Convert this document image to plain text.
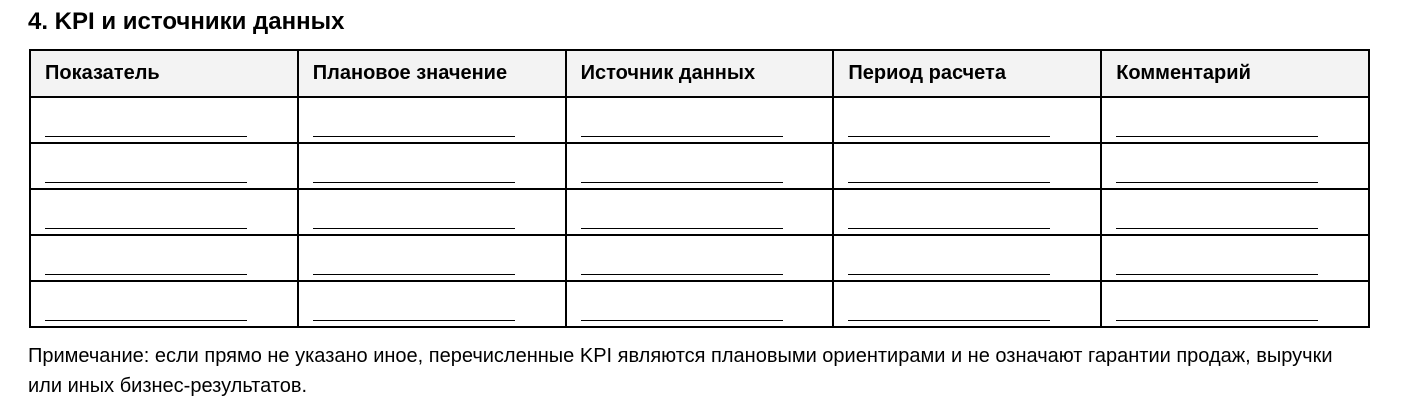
4. KPI и источники данных
Показатель	Плановое значение	Источник данных	Период расчета	Комментарий

Примечание: если прямо не указано иное, перечисленные KPI являются плановыми ориентирами и не означают гарантии продаж, выручки или иных бизнес-результатов.
